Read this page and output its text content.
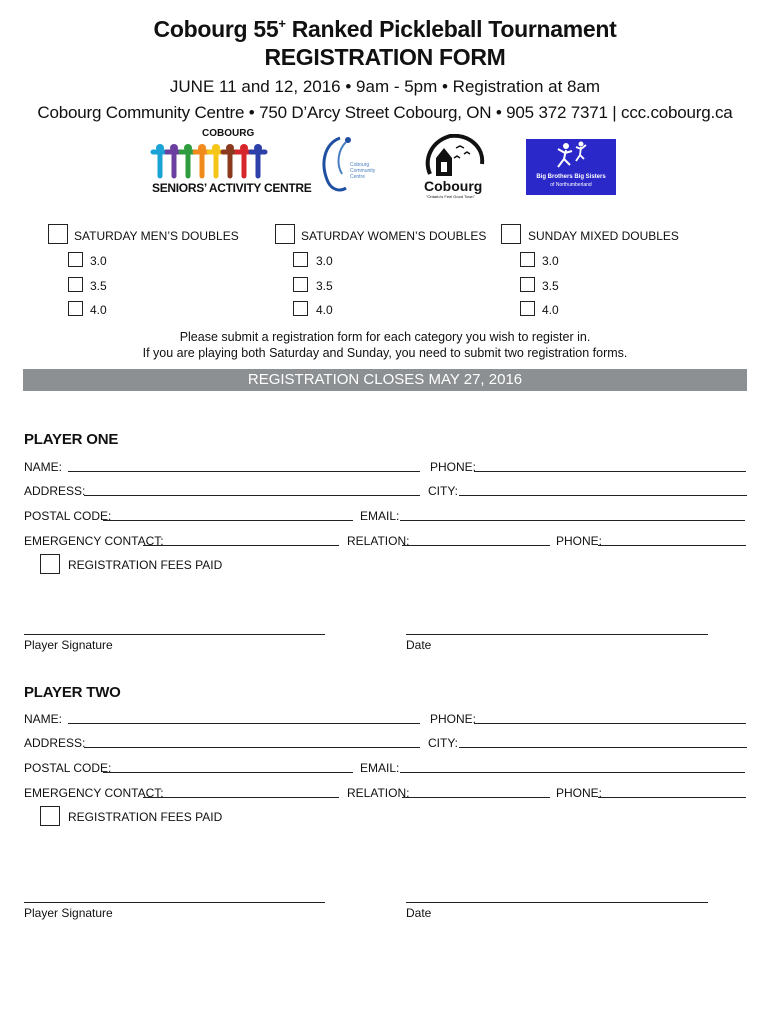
Cobourg 55+ Ranked Pickleball Tournament
REGISTRATION FORM
JUNE 11 and 12, 2016 • 9am - 5pm • Registration at 8am
Cobourg Community Centre • 750 D’Arcy Street Cobourg, ON • 905 372 7371 | ccc.cobourg.ca
COBOURG
SENIORS’ ACTIVITY CENTRE
Cobourg Community Centre
Cobourg
"Ontario's Feel Good Town"
Big Brothers Big Sisters
of Northumberland
SATURDAY MEN’S DOUBLES
3.0
3.5
4.0
SATURDAY WOMEN’S DOUBLES
3.0
3.5
4.0
SUNDAY MIXED DOUBLES
3.0
3.5
4.0
Please submit a registration form for each category you wish to register in.
If you are playing both Saturday and Sunday, you need to submit two registration forms.
REGISTRATION CLOSES MAY 27, 2016
PLAYER ONE
NAME:	PHONE:
ADDRESS:	CITY:
POSTAL CODE:	EMAIL:
EMERGENCY CONTACT:	RELATION:	PHONE:
REGISTRATION FEES PAID
Player Signature	Date
PLAYER TWO
NAME:	PHONE:
ADDRESS:	CITY:
POSTAL CODE:	EMAIL:
EMERGENCY CONTACT:	RELATION:	PHONE:
REGISTRATION FEES PAID
Player Signature	Date
